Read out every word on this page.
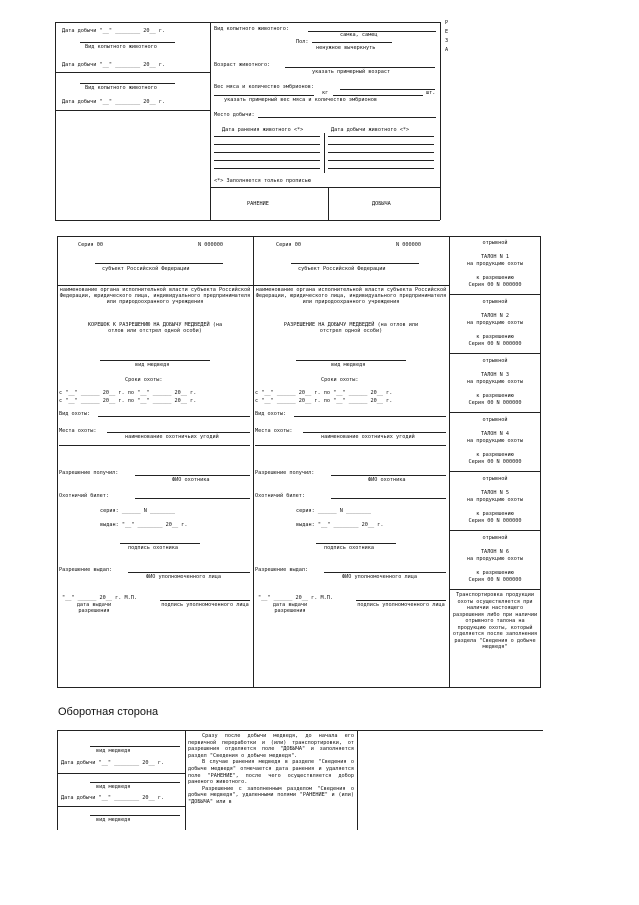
Дата добычи "__" ________ 20__ г.
Вид копытного животного
Дата добычи "__" ________ 20__ г.
Вид копытного животного
Дата добычи "__" ________ 20__ г.
Вид копытного животного:
самка, самец
Пол:
ненужное вычеркнуть
Возраст животного:
указать примерный возраст
Вес мяса и количество эмбрионов:
кг	шт.
указать примерный вес мяса и количество эмбрионов
Место добычи:
Дата ранения животного <*>	Дата добычи животного <*>
<*> Заполняется только прописью
РАНЕНИЕ	ДОБЫЧА
Р
Е
З
А
Серия 00	N 000000
субъект Российской Федерации
наименование органа исполнительной власти субъекта Российской Федерации, юридического лица, индивидуального предпринимателя или природоохранного учреждения
КОРЕШОК К РАЗРЕШЕНИЮ НА ДОБЫЧУ МЕДВЕДЕЙ (на отлов или отстрел одной особи)
вид медведя
Сроки охоты:
с "__" ______ 20__ г. по "__" ______ 20__ г.
с "__" ______ 20__ г. по "__" ______ 20__ г.
Вид охоты:
Места охоты:
наименование охотничьих угодий
Разрешение получил:
ФИО охотника
Охотничий билет:
серия: ______ N ________
выдан: "__" ________ 20__ г.
подпись охотника
Разрешение выдал:
ФИО уполномоченного лица
"__" ______ 20__ г. М.П.
дата выдачи разрешения
подпись уполномоченного лица
Серия 00	N 000000
субъект Российской Федерации
наименование органа исполнительной власти субъекта Российской Федерации, юридического лица, индивидуального предпринимателя или природоохранного учреждения
РАЗРЕШЕНИЕ НА ДОБЫЧУ МЕДВЕДЕЙ (на отлов или отстрел одной особи)
вид медведя
Сроки охоты:
с "__" ______ 20__ г. по "__" ______ 20__ г.
с "__" ______ 20__ г. по "__" ______ 20__ г.
Вид охоты:
Места охоты:
наименование охотничьих угодий
Разрешение получил:
ФИО охотника
Охотничий билет:
серия: ______ N ________
выдан: "__" ________ 20__ г.
подпись охотника
Разрешение выдал:
ФИО уполномоченного лица
"__" ______ 20__ г. М.П.
дата выдачи разрешения
подпись уполномоченного лица
отрывной
ТАЛОН N 1
на продукцию охоты
к разрешению
Серия 00 N 000000
отрывной
ТАЛОН N 2
на продукцию охоты
к разрешению
Серия 00 N 000000
отрывной
ТАЛОН N 3
на продукцию охоты
к разрешению
Серия 00 N 000000
отрывной
ТАЛОН N 4
на продукцию охоты
к разрешению
Серия 00 N 000000
отрывной
ТАЛОН N 5
на продукцию охоты
к разрешению
Серия 00 N 000000
отрывной
ТАЛОН N 6
на продукцию охоты
к разрешению
Серия 00 N 000000
Транспортировка продукции охоты осуществляется при наличии настоящего разрешения либо при наличии отрывного талона на продукцию охоты, который отделяется после заполнения раздела "Сведения о добыче медведя"
Оборотная сторона
вид медведя
Дата добычи "__" ________ 20__ г.
вид медведя
Дата добычи "__" ________ 20__ г.
вид медведя

Сразу после добычи медведя, до начала его первичной переработки и (или) транспортировки, от разрешения отделяется поле "ДОБЫЧА" и заполняется раздел "Сведения о добыче медведя".

В случае ранения медведя в разделе "Сведения о добыче медведя" отмечается дата ранения и удаляется поле "РАНЕНИЕ", после чего осуществляется добор раненого животного.

Разрешение с заполненным разделом "Сведения о добыче медведя", удаленными полями "РАНЕНИЕ" и (или) "ДОБЫЧА" или в
